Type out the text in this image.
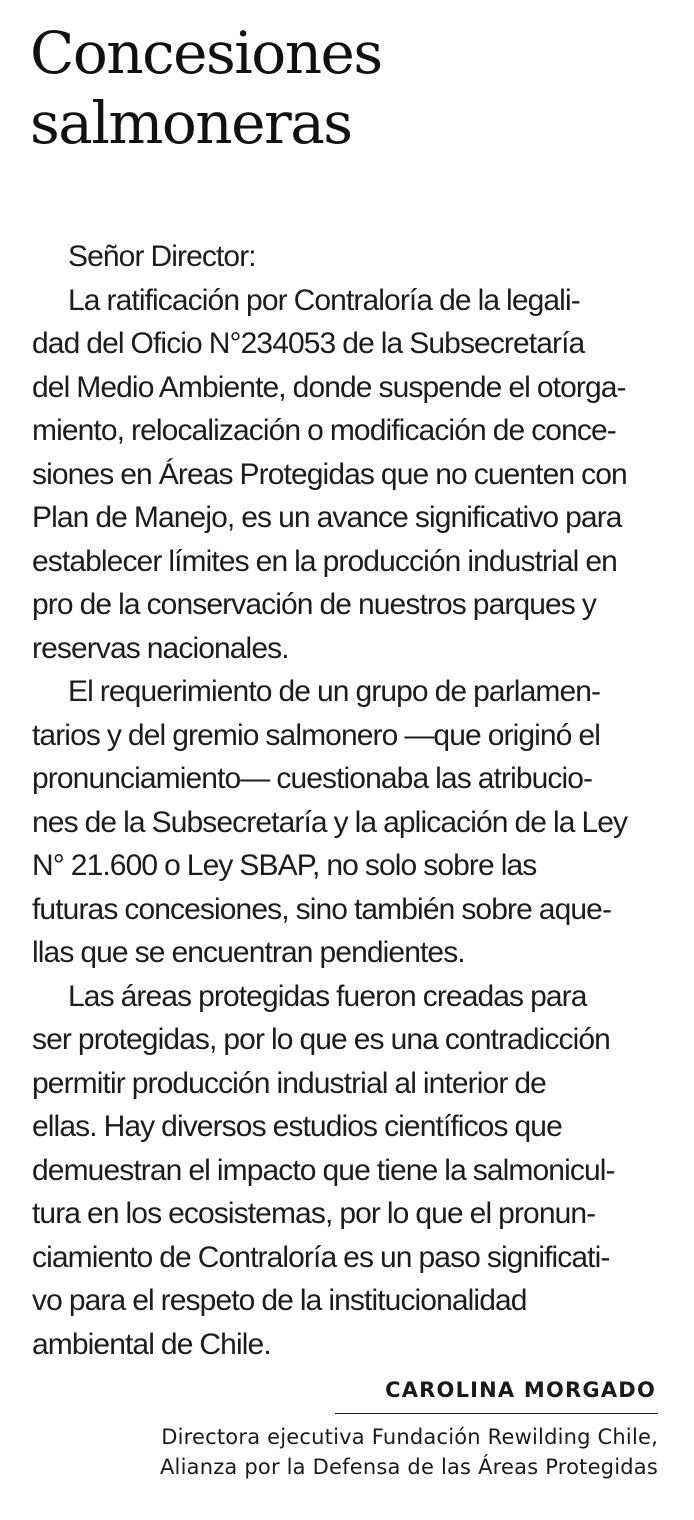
Concesiones
salmoneras
Señor Director:
La ratificación por Contraloría de la legali-
dad del Oficio N°234053 de la Subsecretaría
del Medio Ambiente, donde suspende el otorga-
miento, relocalización o modificación de conce-
siones en Áreas Protegidas que no cuenten con
Plan de Manejo, es un avance significativo para
establecer límites en la producción industrial en
pro de la conservación de nuestros parques y
reservas nacionales.
El requerimiento de un grupo de parlamen-
tarios y del gremio salmonero —que originó el
pronunciamiento— cuestionaba las atribucio-
nes de la Subsecretaría y la aplicación de la Ley
N° 21.600 o Ley SBAP, no solo sobre las
futuras concesiones, sino también sobre aque-
llas que se encuentran pendientes.
Las áreas protegidas fueron creadas para
ser protegidas, por lo que es una contradicción
permitir producción industrial al interior de
ellas. Hay diversos estudios científicos que
demuestran el impacto que tiene la salmonicul-
tura en los ecosistemas, por lo que el pronun-
ciamiento de Contraloría es un paso significati-
vo para el respeto de la institucionalidad
ambiental de Chile.
CAROLINA MORGADO
Directora ejecutiva Fundación Rewilding Chile,
Alianza por la Defensa de las Áreas Protegidas
